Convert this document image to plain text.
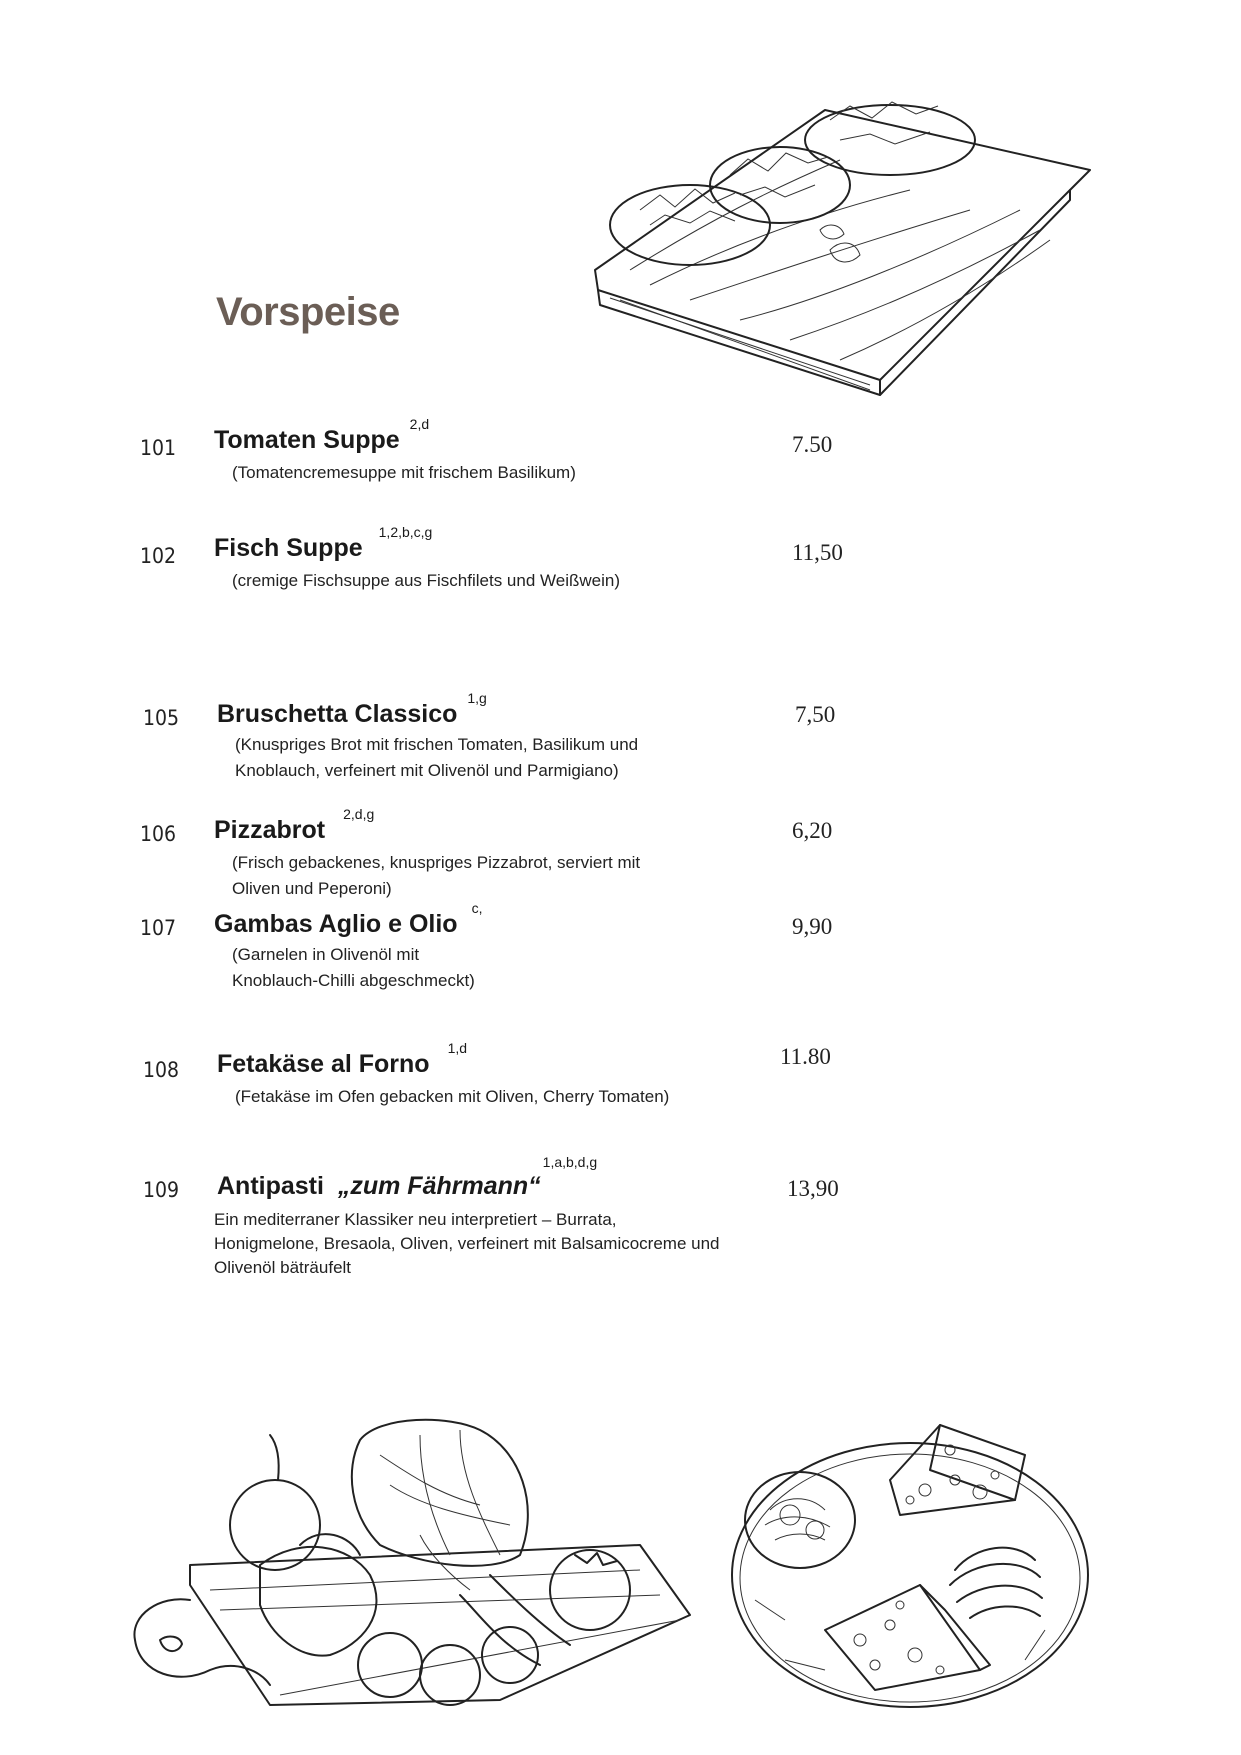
Vorspeise
101 Tomaten Suppe$^{2,d}$
(Tomatencremesuppe mit frischem Basilikum)
7.50
102 Fisch Suppe$^{1,2,b,c,g}$
(cremige Fischsuppe aus Fischfilets und Weißwein)
11,50
105 Bruschetta Classico$^{1,g}$
(Knuspriges Brot mit frischen Tomaten, Basilikum und
Knoblauch, verfeinert mit Olivenöl und Parmigiano)
7,50
106 Pizzabrot$^{2,d,g}$
(Frisch gebackenes, knuspriges Pizzabrot, serviert mit
Oliven und Peperoni)
6,20
107 Gambas Aglio e Olio$^{c,}$
(Garnelen in Olivenöl mit
Knoblauch-Chilli abgeschmeckt)
9,90
108 Fetakäse al Forno$^{1,d}$
(Fetakäse im Ofen gebacken mit Oliven, Cherry Tomaten)
11.80
109 Antipasti „zum Fährmann“$^{1,a,b,d,g}$
Ein mediterraner Klassiker neu interpretiert – Burrata,
Honigmelone, Bresaola, Oliven, verfeinert mit Balsamicocreme und
Olivenöl bäträufelt
13,90
